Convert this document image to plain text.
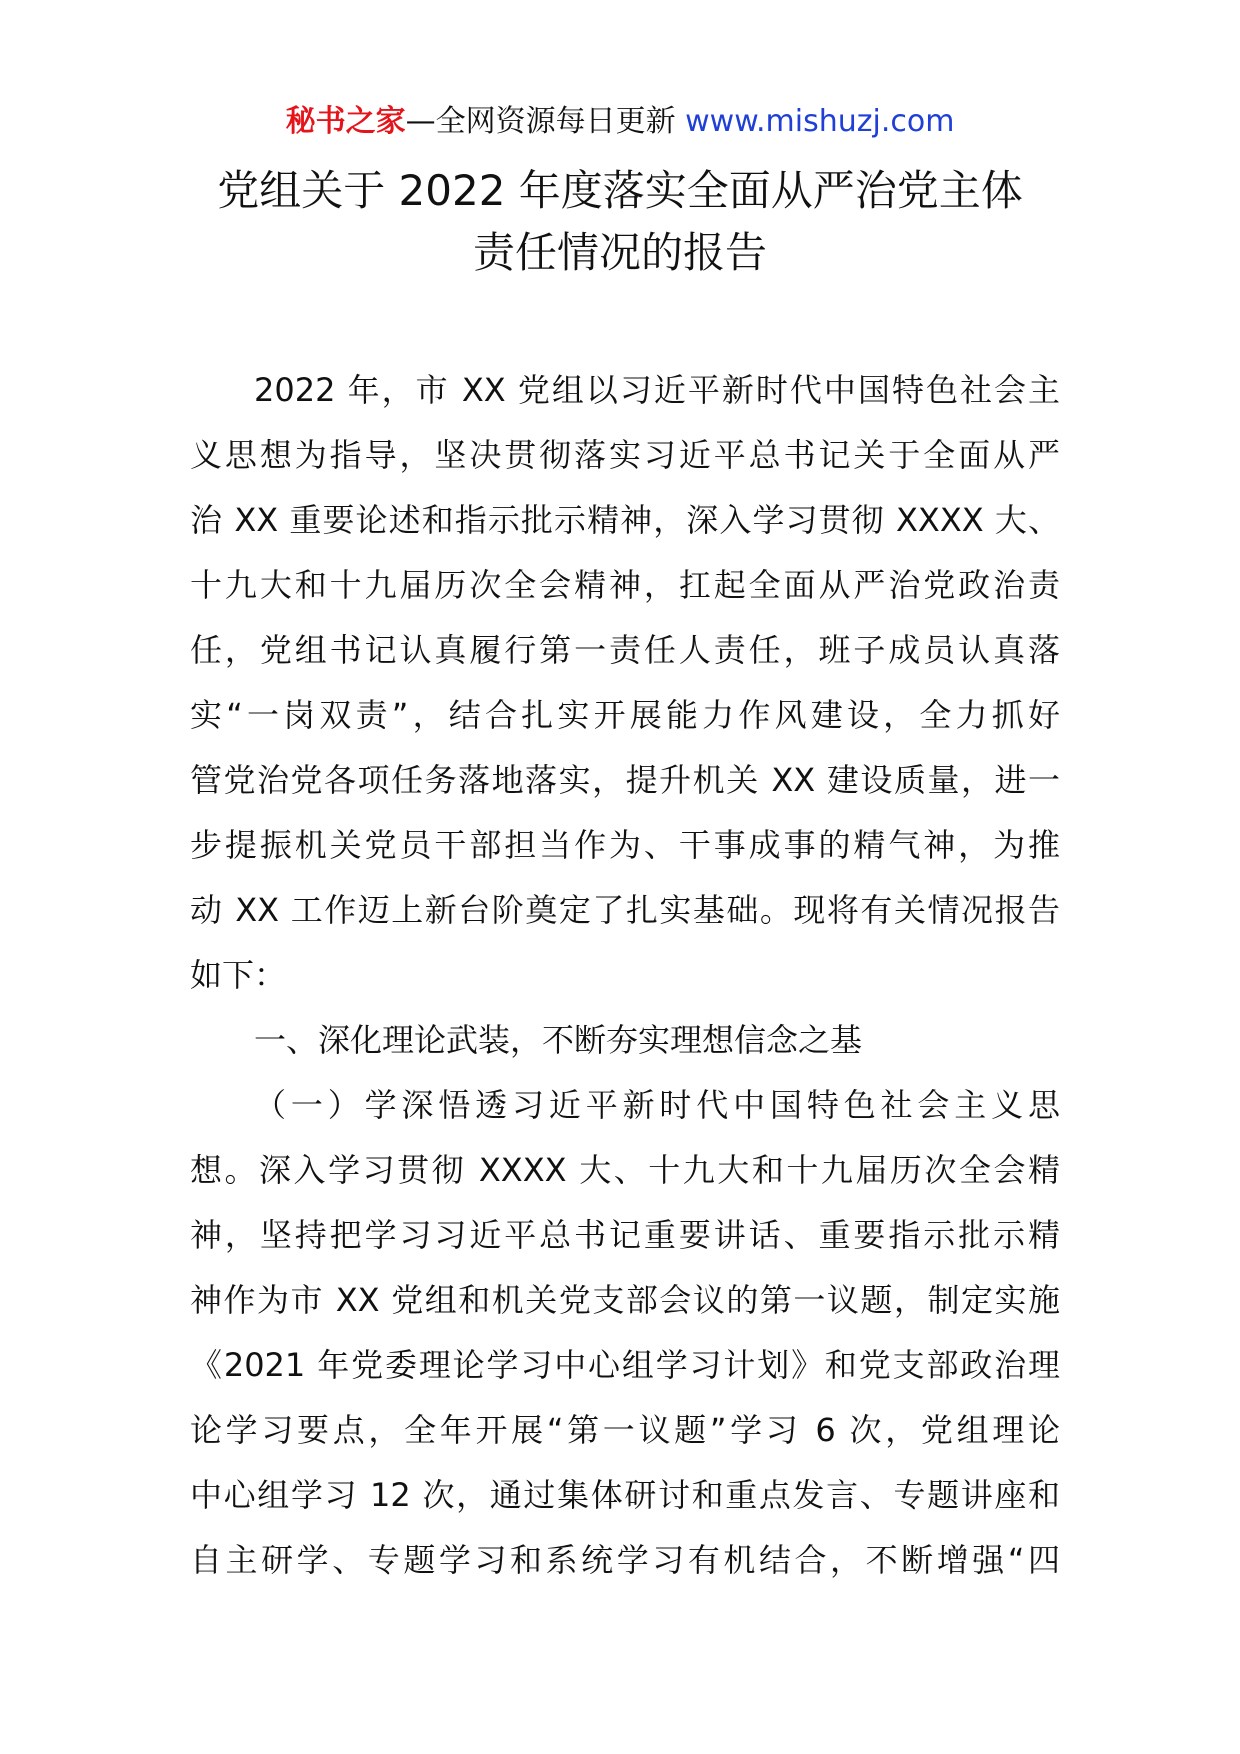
秘书之家—全网资源每日更新 www.mishuzj.com
党组关于 2022 年度落实全面从严治党主体
责任情况的报告
2022 年，市 XX 党组以习近平新时代中国特色社会主
义思想为指导，坚决贯彻落实习近平总书记关于全面从严
治 XX 重要论述和指示批示精神，深入学习贯彻 XXXX 大、
十九大和十九届历次全会精神，扛起全面从严治党政治责
任，党组书记认真履行第一责任人责任，班子成员认真落
实“一岗双责”，结合扎实开展能力作风建设，全力抓好
管党治党各项任务落地落实，提升机关 XX 建设质量，进一
步提振机关党员干部担当作为、干事成事的精气神，为推
动 XX 工作迈上新台阶奠定了扎实基础。现将有关情况报告
如下：
一、深化理论武装，不断夯实理想信念之基
（一）学深悟透习近平新时代中国特色社会主义思
想。深入学习贯彻 XXXX 大、十九大和十九届历次全会精
神，坚持把学习习近平总书记重要讲话、重要指示批示精
神作为市 XX 党组和机关党支部会议的第一议题，制定实施
《2021 年党委理论学习中心组学习计划》和党支部政治理
论学习要点，全年开展“第一议题”学习 6 次，党组理论
中心组学习 12 次，通过集体研讨和重点发言、专题讲座和
自主研学、专题学习和系统学习有机结合，不断增强“四
